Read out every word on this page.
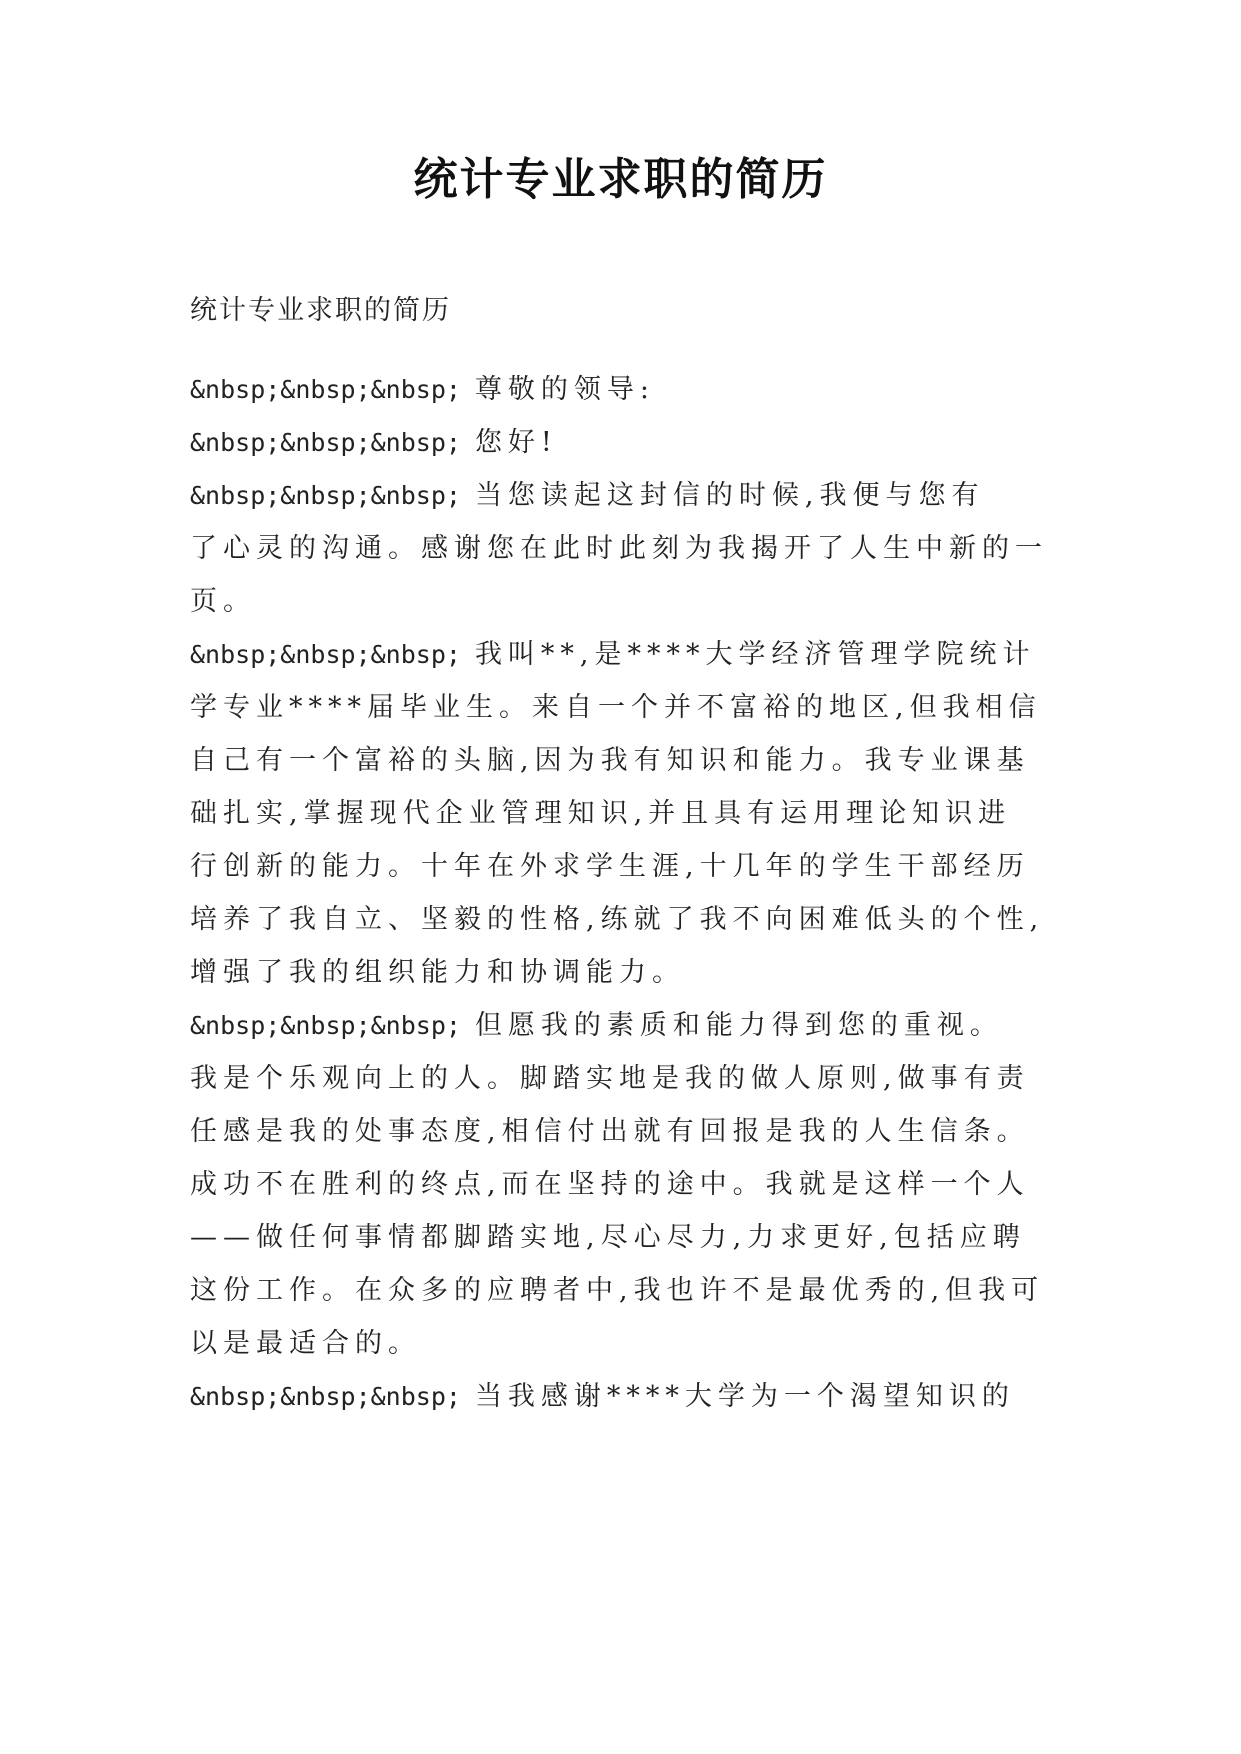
统计专业求职的简历
统计专业求职的简历
&nbsp;&nbsp;&nbsp; 尊敬的领导:
&nbsp;&nbsp;&nbsp; 您好!
&nbsp;&nbsp;&nbsp; 当您读起这封信的时候,我便与您有
了心灵的沟通。感谢您在此时此刻为我揭开了人生中新的一
页。
&nbsp;&nbsp;&nbsp; 我叫**,是****大学经济管理学院统计
学专业****届毕业生。来自一个并不富裕的地区,但我相信
自己有一个富裕的头脑,因为我有知识和能力。我专业课基
础扎实,掌握现代企业管理知识,并且具有运用理论知识进
行创新的能力。十年在外求学生涯,十几年的学生干部经历
培养了我自立、坚毅的性格,练就了我不向困难低头的个性,
增强了我的组织能力和协调能力。
&nbsp;&nbsp;&nbsp; 但愿我的素质和能力得到您的重视。
我是个乐观向上的人。脚踏实地是我的做人原则,做事有责
任感是我的处事态度,相信付出就有回报是我的人生信条。
成功不在胜利的终点,而在坚持的途中。我就是这样一个人
——做任何事情都脚踏实地,尽心尽力,力求更好,包括应聘
这份工作。在众多的应聘者中,我也许不是最优秀的,但我可
以是最适合的。
&nbsp;&nbsp;&nbsp; 当我感谢****大学为一个渴望知识的
